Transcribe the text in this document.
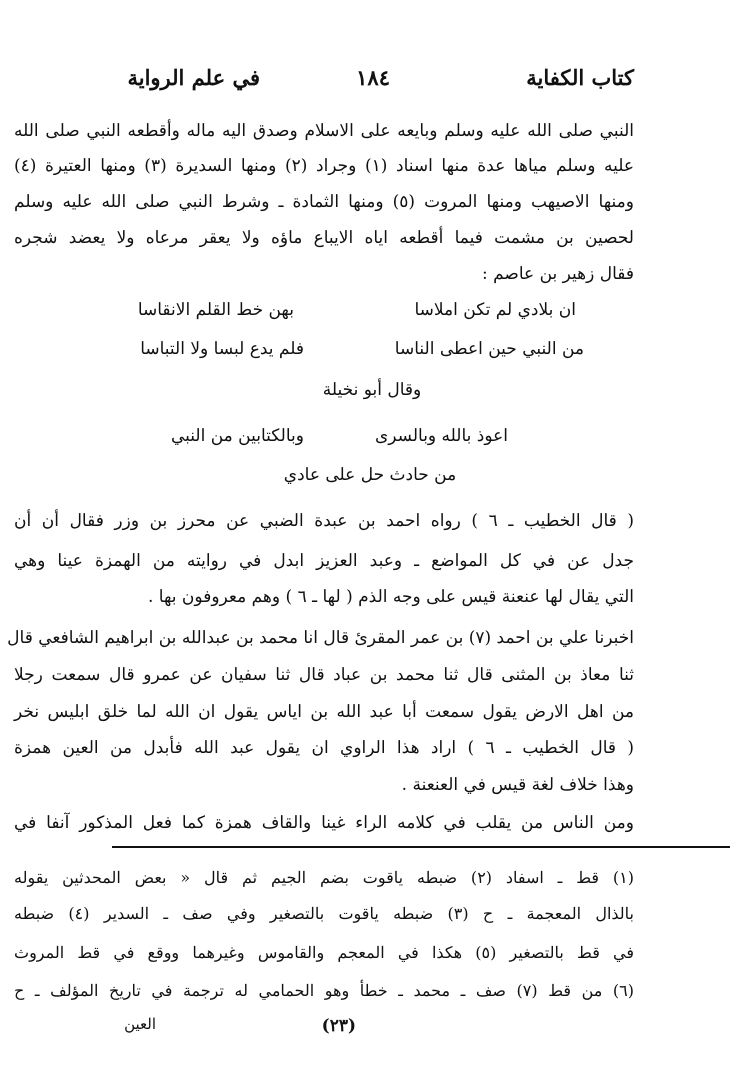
كتاب الكفاية
١٨٤
في علم الرواية
النبي صلى الله عليه وسلم وبايعه على الاسلام وصدق اليه ماله وأقطعه النبي صلى الله
عليه وسلم مياها عدة منها اسناد (١) وجراد (٢) ومنها السديرة (٣) ومنها العتيرة (٤)
ومنها الاصيهب ومنها المروت (٥) ومنها الثمادة ـ وشرط النبي صلى الله عليه وسلم
لحصين بن مشمت فيما أقطعه اياه الايباع ماؤه ولا يعقر مرعاه ولا يعضد شجره
فقال زهير بن عاصم :
ان بلادي لم تكن املاسا
بهن خط القلم الانقاسا
من النبي حين اعطى الناسا
فلم يدع لبسا ولا التباسا
وقال أبو نخيلة
اعوذ بالله وبالسرى
وبالكتابين من النبي
من حادث حل على عادي
( قال الخطيب ـ ٦ ) رواه احمد بن عبدة الضبي عن محرز بن وزر فقال أن أن
جدل عن في كل المواضع ـ وعبد العزيز ابدل في روايته من الهمزة عينا وهي
التي يقال لها عنعنة قيس على وجه الذم ( لها ـ ٦ ) وهم معروفون بها .
اخبرنا علي بن احمد (٧) بن عمر المقرئ قال انا محمد بن عبدالله بن ابراهيم الشافعي قال
ثنا معاذ بن المثنى قال ثنا محمد بن عباد قال ثنا سفيان عن عمرو قال سمعت رجلا
من اهل الارض يقول سمعت أبا عبد الله بن اياس يقول ان الله لما خلق ابليس نخر
( قال الخطيب ـ ٦ ) اراد هذا الراوي ان يقول عبد الله فأبدل من العين همزة
وهذا خلاف لغة قيس في العنعنة .
ومن الناس من يقلب في كلامه الراء غينا والقاف همزة كما فعل المذكور آنفا في
(١) قط ـ اسفاد (٢) ضبطه ياقوت بضم الجيم ثم قال « بعض المحدثين يقوله
بالذال المعجمة ـ ح (٣) ضبطه ياقوت بالتصغير وفي صف ـ السدير (٤) ضبطه
في قط بالتصغير (٥) هكذا في المعجم والقاموس وغيرهما ووقع في قط المروث
(٦) من قط (٧) صف ـ محمد ـ خطأ وهو الحمامي له ترجمة في تاريخ المؤلف ـ ح
العين	(٢٣)
